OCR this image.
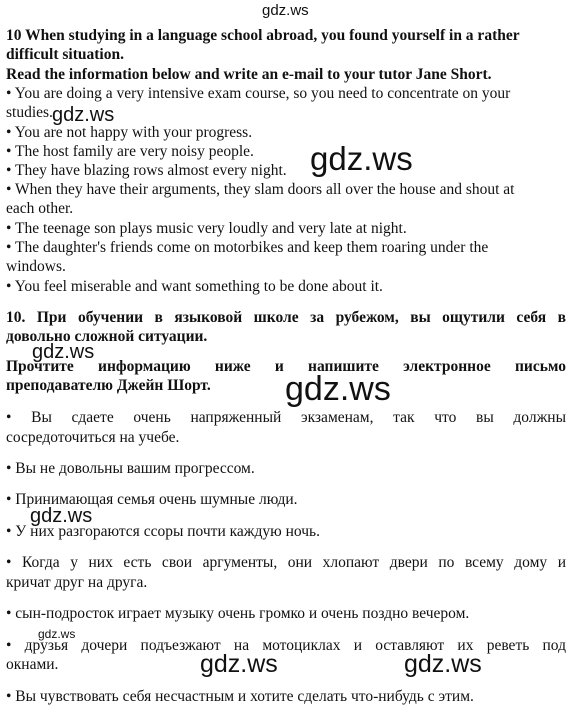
gdz.ws
10 When studying in a language school abroad, you found yourself in a rather
difficult situation.
Read the information below and write an e-mail to your tutor Jane Short.
• You are doing a very intensive exam course, so you need to concentrate on your
studies.
• You are not happy with your progress.
• The host family are very noisy people.
• They have blazing rows almost every night.
• When they have their arguments, they slam doors all over the house and shout at
each other.
• The teenage son plays music very loudly and very late at night.
• The daughter's friends come on motorbikes and keep them roaring under the
windows.
• You feel miserable and want something to be done about it.
10. При обучении в языковой школе за рубежом, вы ощутили себя в
довольно сложной ситуации.
Прочтите информацию ниже и напишите электронное письмо
преподавателю Джейн Шорт.
• Вы сдаете очень напряженный экзаменам, так что вы должны
сосредоточиться на учебе.
• Вы не довольны вашим прогрессом.
• Принимающая семья очень шумные люди.
• У них разгораются ссоры почти каждую ночь.
• Когда у них есть свои аргументы, они хлопают двери по всему дому и
кричат друг на друга.
• сын-подросток играет музыку очень громко и очень поздно вечером.
• друзья дочери подъезжают на мотоциклах и оставляют их реветь под
окнами.
• Вы чувствовать себя несчастным и хотите сделать что-нибудь с этим.
gdz.ws
gdz.ws
gdz.ws
gdz.ws
gdz.ws
gdz.ws
gdz.ws	gdz.ws
